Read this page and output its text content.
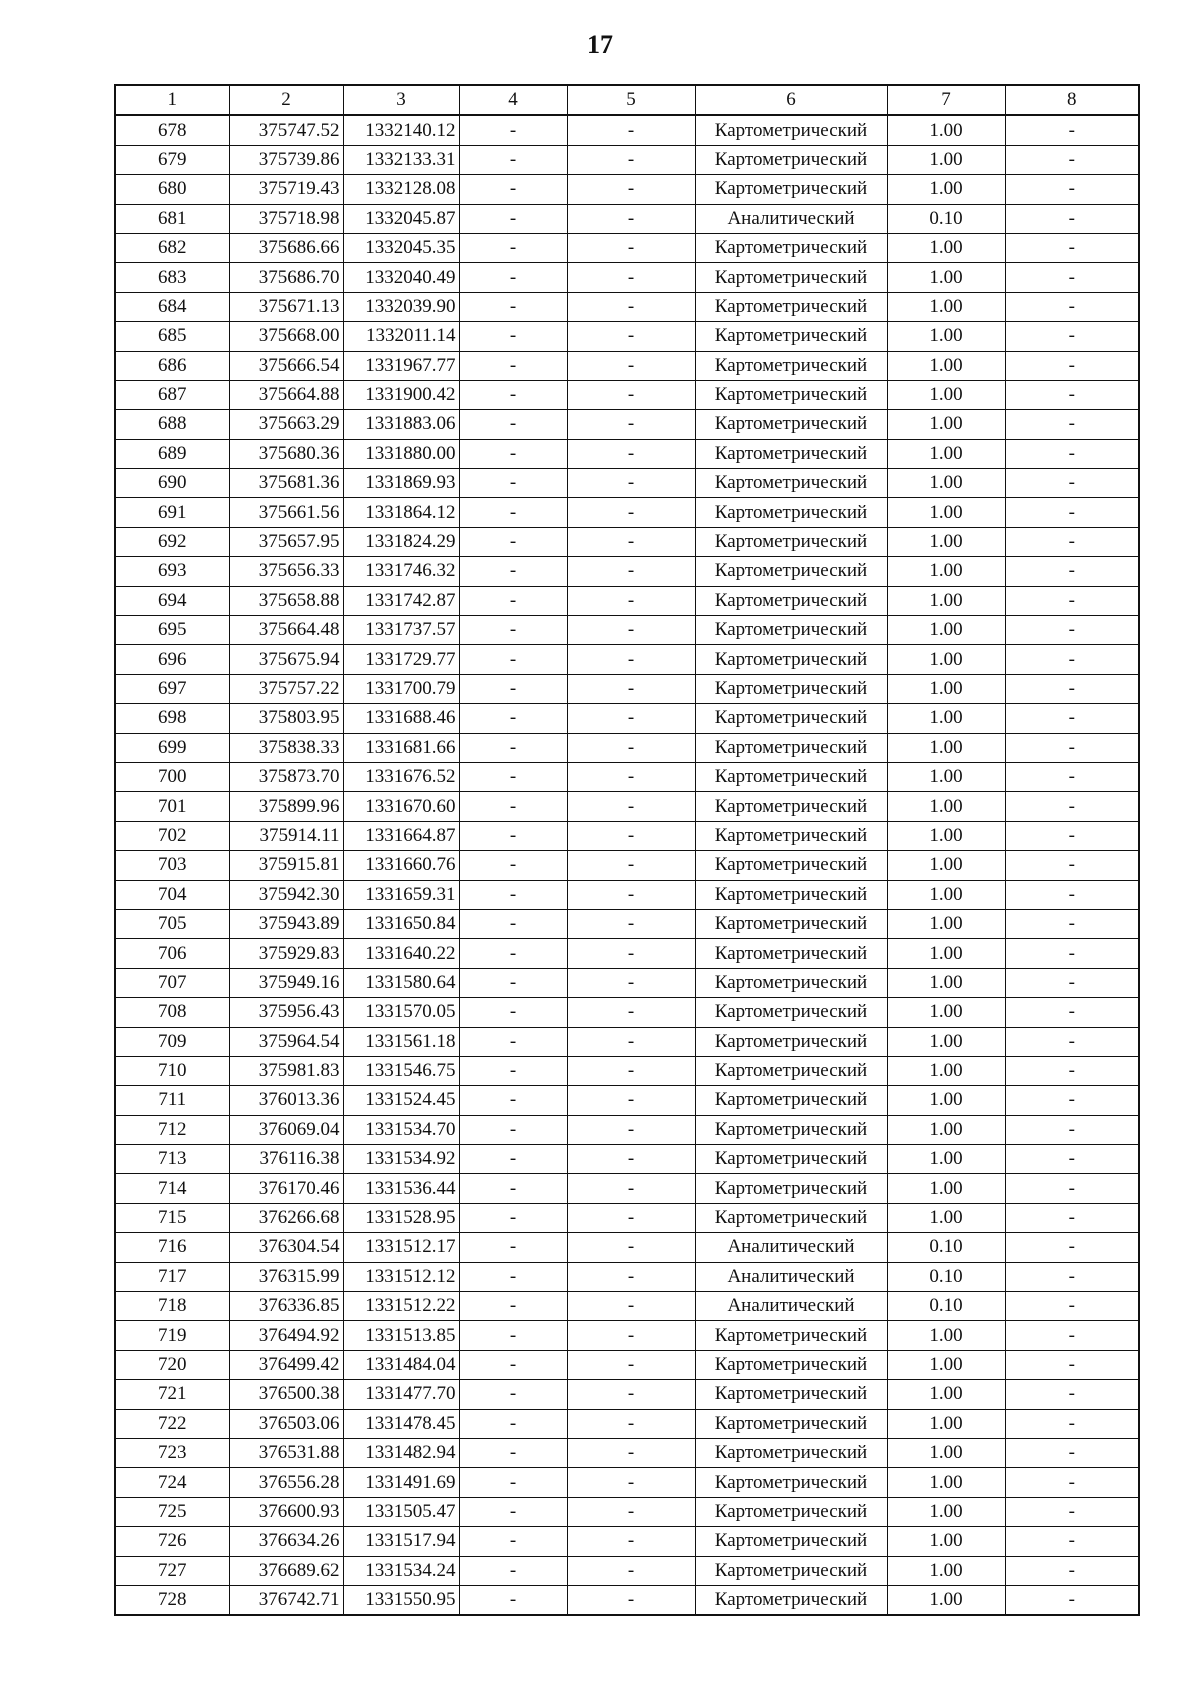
17
1	2	3	4	5	6	7	8
678	375747.52	1332140.12	-	-	Картометрический	1.00	-
679	375739.86	1332133.31	-	-	Картометрический	1.00	-
680	375719.43	1332128.08	-	-	Картометрический	1.00	-
681	375718.98	1332045.87	-	-	Аналитический	0.10	-
682	375686.66	1332045.35	-	-	Картометрический	1.00	-
683	375686.70	1332040.49	-	-	Картометрический	1.00	-
684	375671.13	1332039.90	-	-	Картометрический	1.00	-
685	375668.00	1332011.14	-	-	Картометрический	1.00	-
686	375666.54	1331967.77	-	-	Картометрический	1.00	-
687	375664.88	1331900.42	-	-	Картометрический	1.00	-
688	375663.29	1331883.06	-	-	Картометрический	1.00	-
689	375680.36	1331880.00	-	-	Картометрический	1.00	-
690	375681.36	1331869.93	-	-	Картометрический	1.00	-
691	375661.56	1331864.12	-	-	Картометрический	1.00	-
692	375657.95	1331824.29	-	-	Картометрический	1.00	-
693	375656.33	1331746.32	-	-	Картометрический	1.00	-
694	375658.88	1331742.87	-	-	Картометрический	1.00	-
695	375664.48	1331737.57	-	-	Картометрический	1.00	-
696	375675.94	1331729.77	-	-	Картометрический	1.00	-
697	375757.22	1331700.79	-	-	Картометрический	1.00	-
698	375803.95	1331688.46	-	-	Картометрический	1.00	-
699	375838.33	1331681.66	-	-	Картометрический	1.00	-
700	375873.70	1331676.52	-	-	Картометрический	1.00	-
701	375899.96	1331670.60	-	-	Картометрический	1.00	-
702	375914.11	1331664.87	-	-	Картометрический	1.00	-
703	375915.81	1331660.76	-	-	Картометрический	1.00	-
704	375942.30	1331659.31	-	-	Картометрический	1.00	-
705	375943.89	1331650.84	-	-	Картометрический	1.00	-
706	375929.83	1331640.22	-	-	Картометрический	1.00	-
707	375949.16	1331580.64	-	-	Картометрический	1.00	-
708	375956.43	1331570.05	-	-	Картометрический	1.00	-
709	375964.54	1331561.18	-	-	Картометрический	1.00	-
710	375981.83	1331546.75	-	-	Картометрический	1.00	-
711	376013.36	1331524.45	-	-	Картометрический	1.00	-
712	376069.04	1331534.70	-	-	Картометрический	1.00	-
713	376116.38	1331534.92	-	-	Картометрический	1.00	-
714	376170.46	1331536.44	-	-	Картометрический	1.00	-
715	376266.68	1331528.95	-	-	Картометрический	1.00	-
716	376304.54	1331512.17	-	-	Аналитический	0.10	-
717	376315.99	1331512.12	-	-	Аналитический	0.10	-
718	376336.85	1331512.22	-	-	Аналитический	0.10	-
719	376494.92	1331513.85	-	-	Картометрический	1.00	-
720	376499.42	1331484.04	-	-	Картометрический	1.00	-
721	376500.38	1331477.70	-	-	Картометрический	1.00	-
722	376503.06	1331478.45	-	-	Картометрический	1.00	-
723	376531.88	1331482.94	-	-	Картометрический	1.00	-
724	376556.28	1331491.69	-	-	Картометрический	1.00	-
725	376600.93	1331505.47	-	-	Картометрический	1.00	-
726	376634.26	1331517.94	-	-	Картометрический	1.00	-
727	376689.62	1331534.24	-	-	Картометрический	1.00	-
728	376742.71	1331550.95	-	-	Картометрический	1.00	-
